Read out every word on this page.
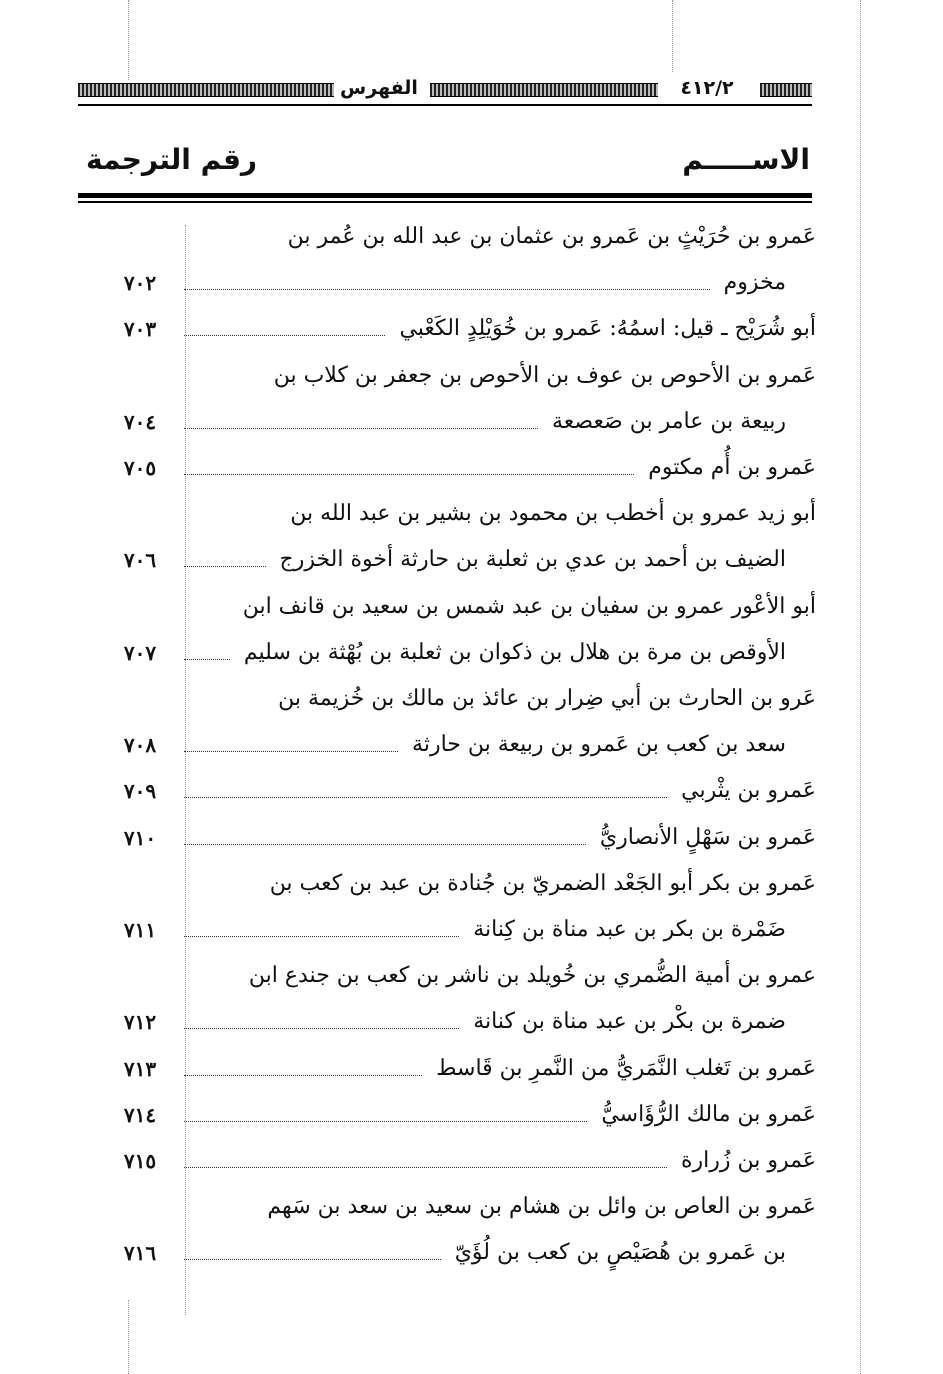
٤١٢/٢
الفهرس
الاســـــم
رقم الترجمة
عَمرو بن حُرَيْثٍ بن عَمرو بن عثمان بن عبد الله بن عُمر بن
مخزوم
٧٠٢
أبو شُرَيْح ـ قيل: اسمُهُ: عَمرو بن خُوَيْلِدٍ الكَعْبي
٧٠٣
عَمرو بن الأحوص بن عوف بن الأحوص بن جعفر بن كلاب بن
ربيعة بن عامر بن صَعصعة
٧٠٤
عَمرو بن أُم مكتوم
٧٠٥
أبو زيد عمرو بن أخطب بن محمود بن بشير بن عبد الله بن
الضيف بن أحمد بن عدي بن ثعلبة بن حارثة أخوة الخزرج
٧٠٦
أبو الأعْور عمرو بن سفيان بن عبد شمس بن سعيد بن قانف ابن
الأوقص بن مرة بن هلال بن ذكوان بن ثعلبة بن بُهْثة بن سليم
٧٠٧
عَرو بن الحارث بن أبي ضِرار بن عائذ بن مالك بن خُزيمة بن
سعد بن كعب بن عَمرو بن ربيعة بن حارثة
٧٠٨
عَمرو بن يثْربي
٧٠٩
عَمرو بن سَهْلٍ الأنصاريُّ
٧١٠
عَمرو بن بكر أبو الجَعْد الضمريّ بن جُنادة بن عبد بن كعب بن
ضَمْرة بن بكر بن عبد مناة بن كِنانة
٧١١
عمرو بن أمية الضُّمري بن خُويلد بن ناشر بن كعب بن جندع ابن
ضمرة بن بكْر بن عبد مناة بن كنانة
٧١٢
عَمرو بن تَغلب النَّمَريُّ من النَّمرِ بن قَاسط
٧١٣
عَمرو بن مالك الرُّؤَاسيُّ
٧١٤
عَمرو بن زُرارة
٧١٥
عَمرو بن العاص بن وائل بن هشام بن سعيد بن سعد بن سَهم
بن عَمرو بن هُصَيْصٍ بن كعب بن لُؤَيّ
٧١٦
